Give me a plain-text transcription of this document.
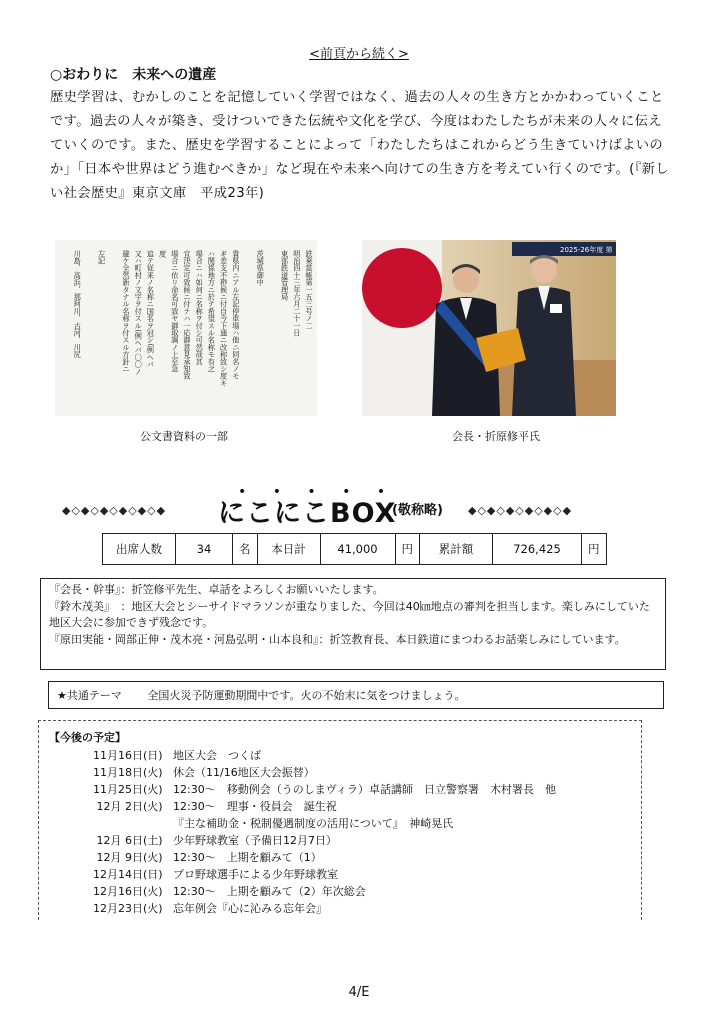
<前頁から続く>
○おわりに　未来への遺産
歴史学習は、むかしのことを記憶していく学習ではなく、過去の人々の生き方とかかわっていくことです。過去の人々が築き、受けついできた伝統や文化を学び、今度はわたしたちが未来の人々に伝えていくのです。また、歴史を学習することによって「わたしたちはこれからどう生きていけばよいのか」「日本や世界はどう進むべきか」など現在や未来へ向けての生き方を考えてい行くのです。(『新しい社会歴史』東京文庫　平成23年)
鉄乗當帳第一五三号ノ二
明治四十三年六月二十一日
東部鉄道管理局
茨城県御中
貴県内ニアル左記停車場ハ他ニ同名ノモ
ギ差支不尠候ニ付自今下通ニ改称致シ度キ
ハ関係地方ニ於テ希望スル名称モ有之
場合ニハ如何ニ名称ヲ付シ可然哉其
宜決定可致候ニ付テハ一応御意見承知致
場合ニ依リ命名可致ヤ御取調ノ上至急
度
追テ従来ノ名称ニ国名ヲ冠シ(例ヘバ
又ハ町村ノ文字ヲ付スル(例ヘバ〇〇ノ
避ケ全然新タナル名称ヲ付スル方針ニ
左記
川島、高浜、那珂川、古河、川尻
公文書資料の一部
2025-26年度 第
会長・折原修平氏
◆◇◆◇◆◇◆◇◆◇◆
• • • • •
にこにこBOX
(敬称略) ◆◇◆◇◆◇◆◇◆◇◆
出席人数	34	名	本日計	41,000	円	累計額	726,425	円
『会長・幹事』：折笠修平先生、卓話をよろしくお願いいたします。
『鈴木茂美』　：地区大会とシーサイドマラソンが重なりました、今回は40㎞地点の審判を担当します。楽しみにしていた地区大会に参加できず残念です。
『原田実能・岡部正伸・茂木亮・河島弘明・山本良和』：折笠教育長、本日鉄道にまつわるお話楽しみにしています。
★共通テーマ 全国火災予防運動期間中です。火の不始末に気をつけましょう。
【今後の予定】
11月16日 (日) 地区大会　つくば
11月18日 (火) 休会（11/16地区大会振替）
11月25日 (火) 12:30～　移動例会（うのしまヴィラ）卓話講師　日立警察署　木村署長　他
12月 2日 (火) 12:30～　理事・役員会　誕生祝
『主な補助金・税制優遇制度の活用について』　神崎晃氏
12月 6日 (土) 少年野球教室（予備日12月7日）
12月 9日 (火) 12:30～　上期を顧みて（1）
12月14日 (日) プロ野球選手による少年野球教室
12月16日 (火) 12:30～　上期を顧みて（2）年次総会
12月23日 (火) 忘年例会『心に沁みる忘年会』
4/E
